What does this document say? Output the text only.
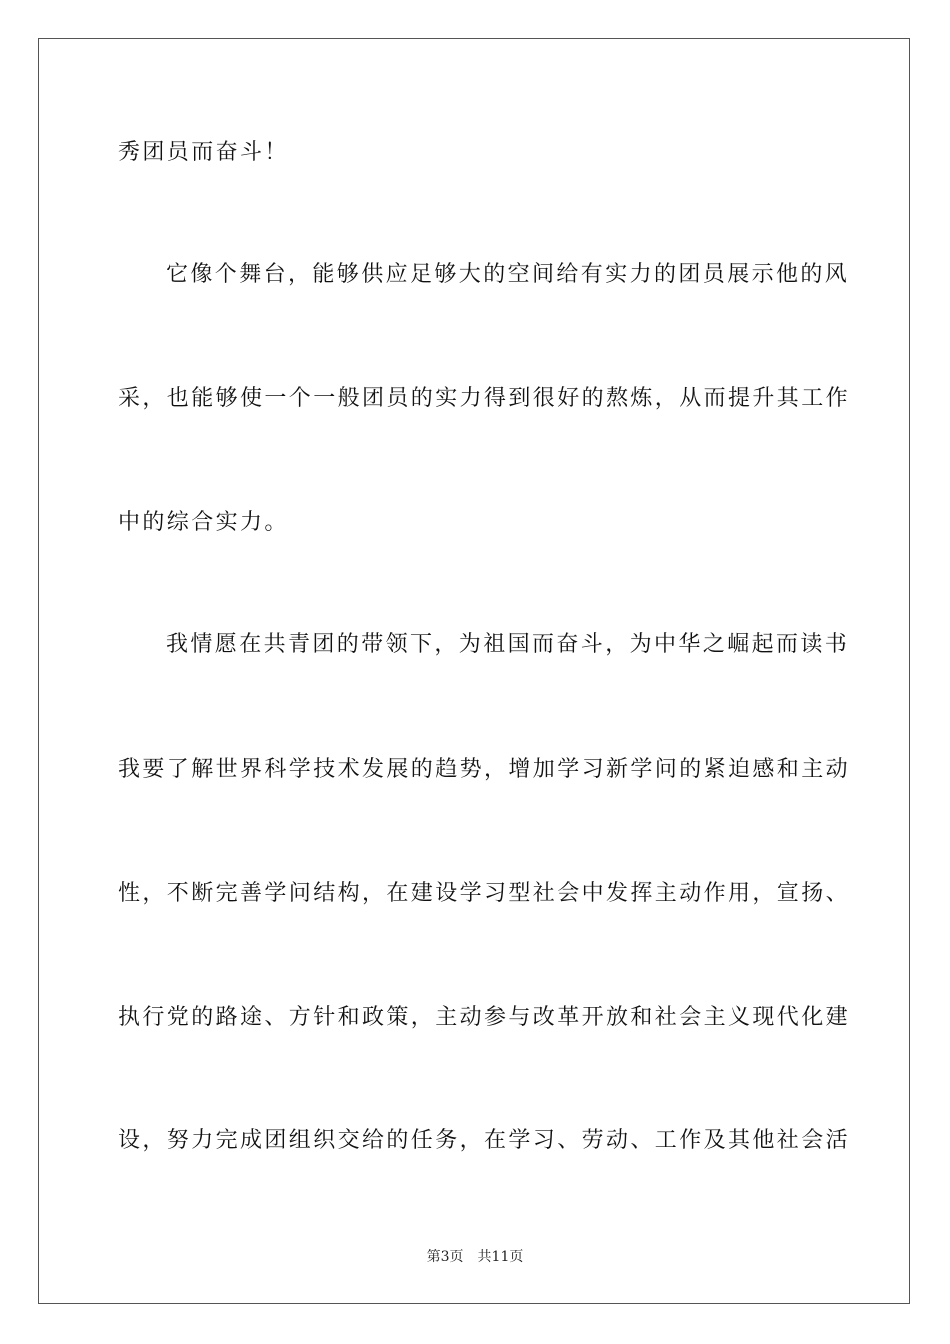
秀团员而奋斗！
它像个舞台，能够供应足够大的空间给有实力的团员展示他的风
采，也能够使一个一般团员的实力得到很好的熬炼，从而提升其工作
中的综合实力。
我情愿在共青团的带领下，为祖国而奋斗，为中华之崛起而读书
我要了解世界科学技术发展的趋势，增加学习新学问的紧迫感和主动
性，不断完善学问结构，在建设学习型社会中发挥主动作用，宣扬、
执行党的路途、方针和政策，主动参与改革开放和社会主义现代化建
设，努力完成团组织交给的任务，在学习、劳动、工作及其他社会活
第3页 共11页
